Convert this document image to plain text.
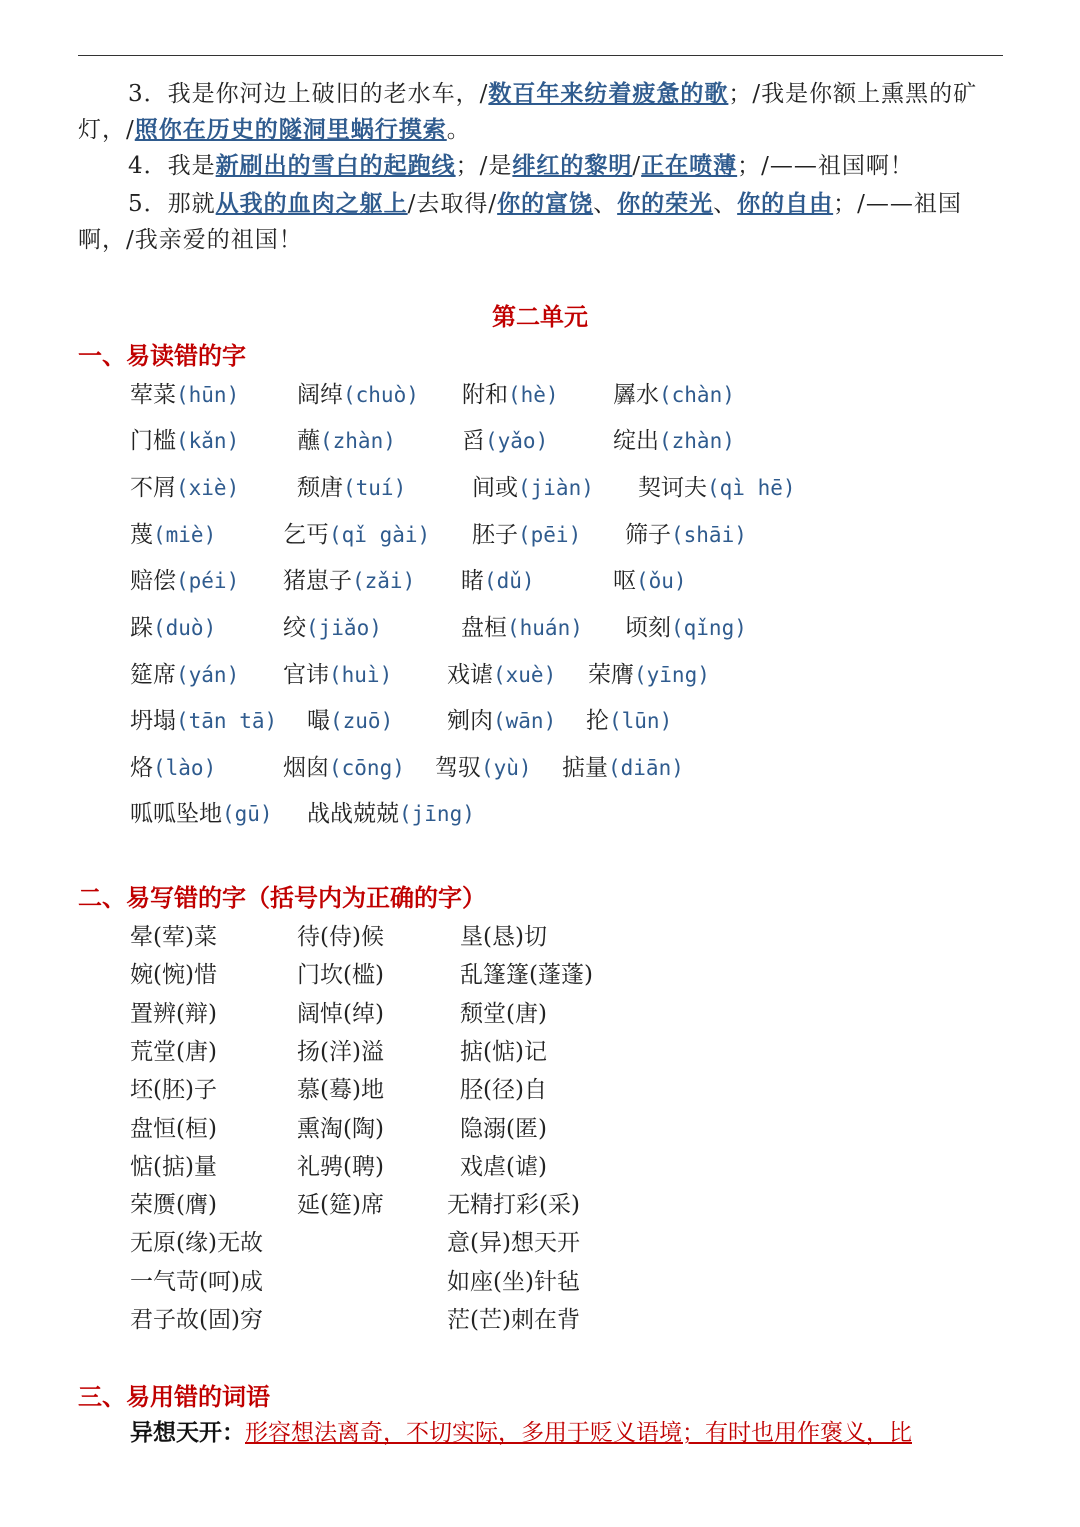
3．我是你河边上破旧的老水车，/数百年来纺着疲惫的歌；/我是你额上熏黑的矿灯，/照你在历史的隧洞里蜗行摸索。
4．我是新刷出的雪白的起跑线；/是绯红的黎明/正在喷薄；/——祖国啊！
5．那就从我的血肉之躯上/去取得/你的富饶、你的荣光、你的自由；/——祖国啊，/我亲爱的祖国！
第二单元
一、易读错的字
荤菜(hūn)	阔绰(chuò) 附和(hè) 羼水(chàn)
门槛(kǎn)	蘸(zhàn)	舀(yǎo)	绽出(zhàn)
不屑(xiè)	颓唐(tuí)	间或(jiàn) 契诃夫(qì hē)
蔑(miè)	乞丐(qǐ gài) 胚子(pēi) 筛子(shāi)
赔偿(péi) 猪崽子(zǎi) 睹(dǔ)	呕(ǒu)
跺(duò)	绞(jiǎo)	盘桓(huán) 顷刻(qǐng)
筵席(yán) 官讳(huì) 戏谑(xuè) 荣膺(yīng)
坍塌(tān tā) 嘬(zuō) 剜肉(wān) 抡(lūn)
烙(lào)	烟囱(cōng) 驾驭(yù) 掂量(diān)
呱呱坠地(gū) 战战兢兢(jīng)
二、易写错的字（括号内为正确的字）
晕(荤)菜	待(侍)候	垦(恳)切
婉(惋)惜	门坎(槛)	乱篷篷(蓬蓬)
置辨(辩)	阔悼(绰)	颓堂(唐)
荒堂(唐)	扬(洋)溢	掂(惦)记
坯(胚)子	慕(蓦)地	胫(径)自
盘恒(桓)	熏淘(陶)	隐溺(匿)
惦(掂)量	礼骋(聘)	戏虐(谑)
荣赝(膺)	延(筵)席	无精打彩(采)
无原(缘)无故	意(异)想天开
一气苛(呵)成	如座(坐)针毡
君子故(固)穷	茫(芒)刺在背
三、易用错的词语
异想天开：形容想法离奇，不切实际，多用于贬义语境；有时也用作褒义，比
